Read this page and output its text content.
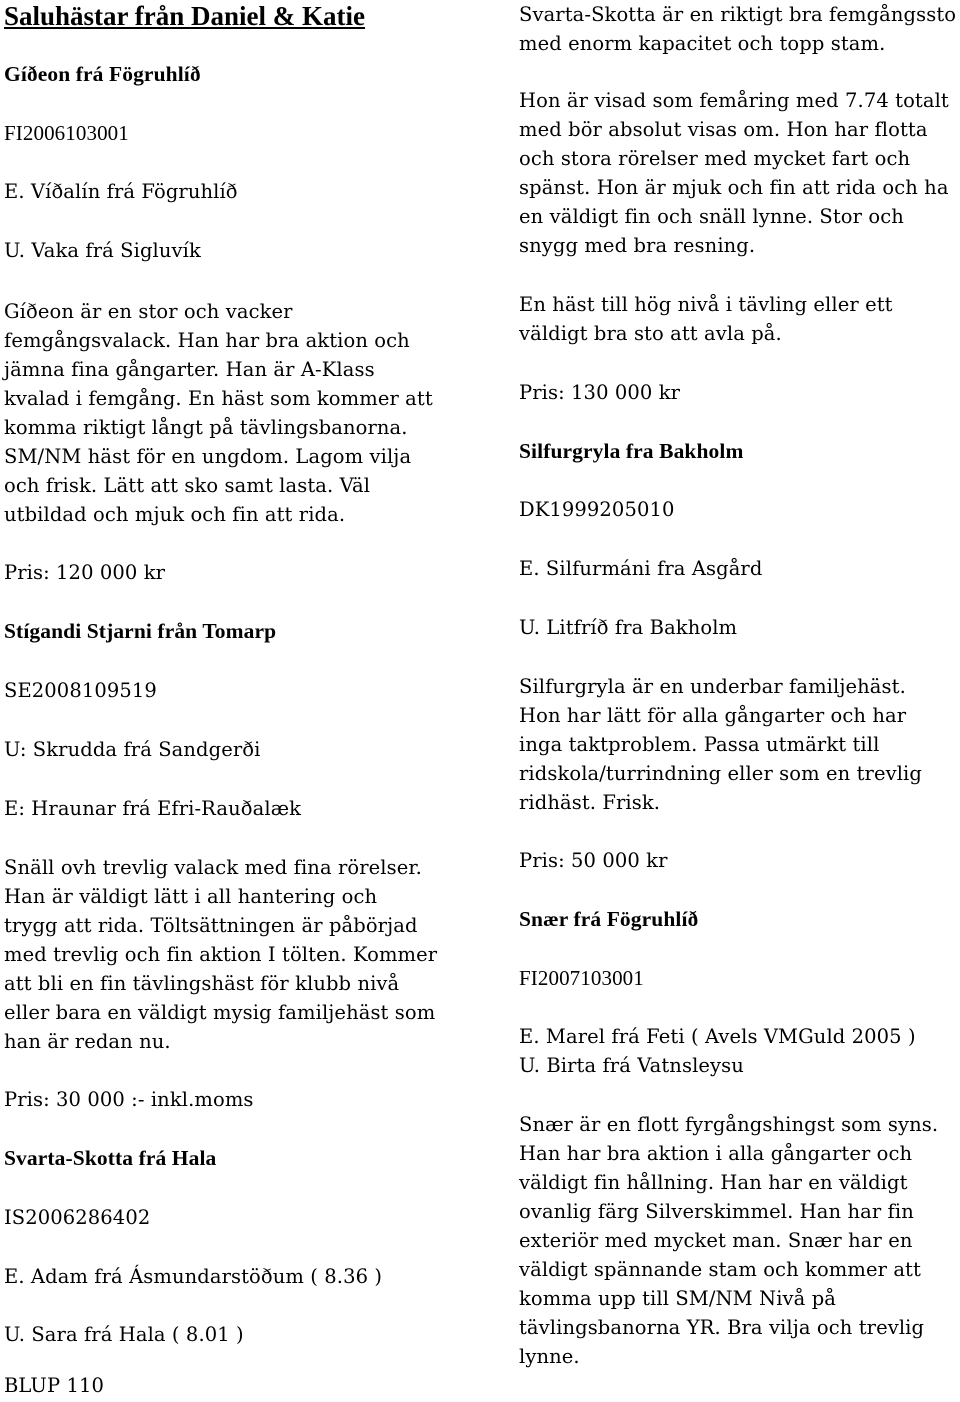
Saluhästar från Daniel & Katie
Gíðeon frá Fögruhlíð
FI2006103001
E. Víðalín frá Fögruhlíð
U. Vaka frá Sigluvík
Gíðeon är en stor och vacker
femgångsvalack. Han har bra aktion och
jämna fina gångarter. Han är A-Klass
kvalad i femgång. En häst som kommer att
komma riktigt långt på tävlingsbanorna.
SM/NM häst för en ungdom. Lagom vilja
och frisk. Lätt att sko samt lasta. Väl
utbildad och mjuk och fin att rida.
Pris: 120 000 kr
Stígandi Stjarni från Tomarp
SE2008109519
U: Skrudda frá Sandgerði
E: Hraunar frá Efri-Rauðalæk
Snäll ovh trevlig valack med fina rörelser.
Han är väldigt lätt i all hantering och
trygg att rida. Töltsättningen är påbörjad
med trevlig och fin aktion I tölten. Kommer
att bli en fin tävlingshäst för klubb nivå
eller bara en väldigt mysig familjehäst som
han är redan nu.
Pris: 30 000 :- inkl.moms
Svarta-Skotta frá Hala
IS2006286402
E. Adam frá Ásmundarstöðum ( 8.36 )
U. Sara frá Hala ( 8.01 )
BLUP 110
Svarta-Skotta är en riktigt bra femgångssto
med enorm kapacitet och topp stam.
Hon är visad som femåring med 7.74 totalt
med bör absolut visas om. Hon har flotta
och stora rörelser med mycket fart och
spänst. Hon är mjuk och fin att rida och ha
en väldigt fin och snäll lynne. Stor och
snygg med bra resning.
En häst till hög nivå i tävling eller ett
väldigt bra sto att avla på.
Pris: 130 000 kr
Silfurgryla fra Bakholm
DK1999205010
E. Silfurmáni fra Asgård
U. Litfríð fra Bakholm
Silfurgryla är en underbar familjehäst.
Hon har lätt för alla gångarter och har
inga taktproblem. Passa utmärkt till
ridskola/turrindning eller som en trevlig
ridhäst. Frisk.
Pris: 50 000 kr
Snær frá Fögruhlíð
FI2007103001
E. Marel frá Feti ( Avels VMGuld 2005 )
U. Birta frá Vatnsleysu
Snær är en flott fyrgångshingst som syns.
Han har bra aktion i alla gångarter och
väldigt fin hållning. Han har en väldigt
ovanlig färg Silverskimmel. Han har fin
exteriör med mycket man. Snær har en
väldigt spännande stam och kommer att
komma upp till SM/NM Nivå på
tävlingsbanorna YR. Bra vilja och trevlig
lynne.
